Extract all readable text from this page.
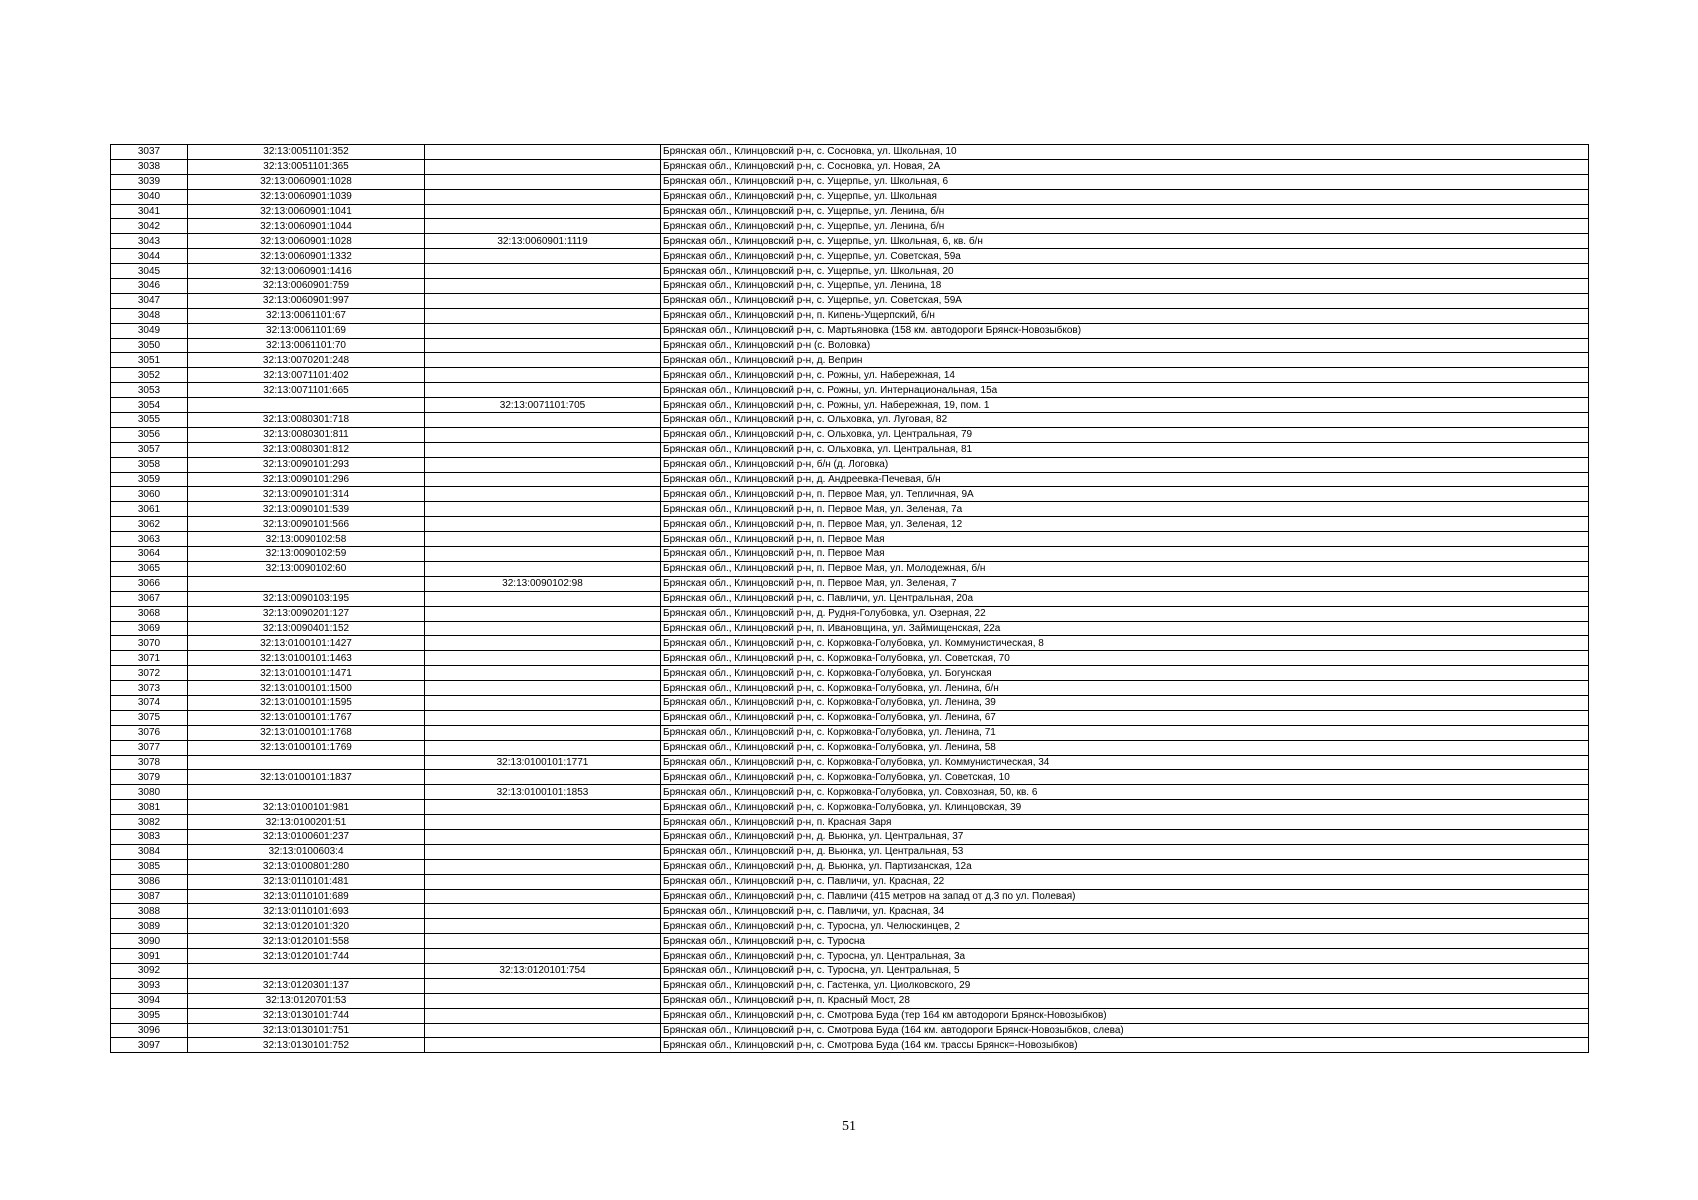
3037	32:13:0051101:352		Брянская обл., Клинцовский р-н, с. Сосновка, ул. Школьная, 10
3038	32:13:0051101:365		Брянская обл., Клинцовский р-н, с. Сосновка, ул. Новая, 2А
3039	32:13:0060901:1028		Брянская обл., Клинцовский р-н, с. Ущерпье, ул. Школьная, 6
3040	32:13:0060901:1039		Брянская обл., Клинцовский р-н, с. Ущерпье, ул. Школьная
3041	32:13:0060901:1041		Брянская обл., Клинцовский р-н, с. Ущерпье, ул. Ленина, б/н
3042	32:13:0060901:1044		Брянская обл., Клинцовский р-н, с. Ущерпье, ул. Ленина, б/н
3043	32:13:0060901:1028	32:13:0060901:1119	Брянская обл., Клинцовский р-н, с. Ущерпье, ул. Школьная, 6, кв. б/н
3044	32:13:0060901:1332		Брянская обл., Клинцовский р-н, с. Ущерпье, ул. Советская, 59а
3045	32:13:0060901:1416		Брянская обл., Клинцовский р-н, с. Ущерпье, ул. Школьная, 20
3046	32:13:0060901:759		Брянская обл., Клинцовский р-н, с. Ущерпье, ул. Ленина, 18
3047	32:13:0060901:997		Брянская обл., Клинцовский р-н, с. Ущерпье, ул. Советская, 59А
3048	32:13:0061101:67		Брянская обл., Клинцовский р-н, п. Кипень-Ущерпский, б/н
3049	32:13:0061101:69		Брянская обл., Клинцовский р-н, с. Мартьяновка (158 км. автодороги Брянск-Новозыбков)
3050	32:13:0061101:70		Брянская обл., Клинцовский р-н (с. Воловка)
3051	32:13:0070201:248		Брянская обл., Клинцовский р-н, д. Веприн
3052	32:13:0071101:402		Брянская обл., Клинцовский р-н, с. Рожны, ул. Набережная, 14
3053	32:13:0071101:665		Брянская обл., Клинцовский р-н, с. Рожны, ул. Интернациональная, 15а
3054		32:13:0071101:705	Брянская обл., Клинцовский р-н, с. Рожны, ул. Набережная, 19, пом. 1
3055	32:13:0080301:718		Брянская обл., Клинцовский р-н, с. Ольховка, ул. Луговая, 82
3056	32:13:0080301:811		Брянская обл., Клинцовский р-н, с. Ольховка, ул. Центральная, 79
3057	32:13:0080301:812		Брянская обл., Клинцовский р-н, с. Ольховка, ул. Центральная, 81
3058	32:13:0090101:293		Брянская обл., Клинцовский р-н, б/н (д. Логовка)
3059	32:13:0090101:296		Брянская обл., Клинцовский р-н, д. Андреевка-Печевая, б/н
3060	32:13:0090101:314		Брянская обл., Клинцовский р-н, п. Первое Мая, ул. Тепличная, 9А
3061	32:13:0090101:539		Брянская обл., Клинцовский р-н, п. Первое Мая, ул. Зеленая, 7а
3062	32:13:0090101:566		Брянская обл., Клинцовский р-н, п. Первое Мая, ул. Зеленая, 12
3063	32:13:0090102:58		Брянская обл., Клинцовский р-н, п. Первое Мая
3064	32:13:0090102:59		Брянская обл., Клинцовский р-н, п. Первое Мая
3065	32:13:0090102:60		Брянская обл., Клинцовский р-н, п. Первое Мая, ул. Молодежная, б/н
3066		32:13:0090102:98	Брянская обл., Клинцовский р-н, п. Первое Мая, ул. Зеленая, 7
3067	32:13:0090103:195		Брянская обл., Клинцовский р-н, с. Павличи, ул. Центральная, 20а
3068	32:13:0090201:127		Брянская обл., Клинцовский р-н, д. Рудня-Голубовка, ул. Озерная, 22
3069	32:13:0090401:152		Брянская обл., Клинцовский р-н, п. Ивановщина, ул. Займищенская, 22а
3070	32:13:0100101:1427		Брянская обл., Клинцовский р-н, с. Коржовка-Голубовка, ул. Коммунистическая, 8
3071	32:13:0100101:1463		Брянская обл., Клинцовский р-н, с. Коржовка-Голубовка, ул. Советская, 70
3072	32:13:0100101:1471		Брянская обл., Клинцовский р-н, с. Коржовка-Голубовка, ул. Богунская
3073	32:13:0100101:1500		Брянская обл., Клинцовский р-н, с. Коржовка-Голубовка, ул. Ленина, б/н
3074	32:13:0100101:1595		Брянская обл., Клинцовский р-н, с. Коржовка-Голубовка, ул. Ленина, 39
3075	32:13:0100101:1767		Брянская обл., Клинцовский р-н, с. Коржовка-Голубовка, ул. Ленина, 67
3076	32:13:0100101:1768		Брянская обл., Клинцовский р-н, с. Коржовка-Голубовка, ул. Ленина, 71
3077	32:13:0100101:1769		Брянская обл., Клинцовский р-н, с. Коржовка-Голубовка, ул. Ленина, 58
3078		32:13:0100101:1771	Брянская обл., Клинцовский р-н, с. Коржовка-Голубовка, ул. Коммунистическая, 34
3079	32:13:0100101:1837		Брянская обл., Клинцовский р-н, с. Коржовка-Голубовка, ул. Советская, 10
3080		32:13:0100101:1853	Брянская обл., Клинцовский р-н, с. Коржовка-Голубовка, ул. Совхозная, 50, кв. 6
3081	32:13:0100101:981		Брянская обл., Клинцовский р-н, с. Коржовка-Голубовка, ул. Клинцовская, 39
3082	32:13:0100201:51		Брянская обл., Клинцовский р-н, п. Красная Заря
3083	32:13:0100601:237		Брянская обл., Клинцовский р-н, д. Вьюнка, ул. Центральная, 37
3084	32:13:0100603:4		Брянская обл., Клинцовский р-н, д. Вьюнка, ул. Центральная, 53
3085	32:13:0100801:280		Брянская обл., Клинцовский р-н, д. Вьюнка, ул. Партизанская, 12а
3086	32:13:0110101:481		Брянская обл., Клинцовский р-н, с. Павличи, ул. Красная, 22
3087	32:13:0110101:689		Брянская обл., Клинцовский р-н, с. Павличи (415 метров на запад от д.3 по ул. Полевая)
3088	32:13:0110101:693		Брянская обл., Клинцовский р-н, с. Павличи, ул. Красная, 34
3089	32:13:0120101:320		Брянская обл., Клинцовский р-н, с. Туросна, ул. Челюскинцев, 2
3090	32:13:0120101:558		Брянская обл., Клинцовский р-н, с. Туросна
3091	32:13:0120101:744		Брянская обл., Клинцовский р-н, с. Туросна, ул. Центральная, 3а
3092		32:13:0120101:754	Брянская обл., Клинцовский р-н, с. Туросна, ул. Центральная, 5
3093	32:13:0120301:137		Брянская обл., Клинцовский р-н, с. Гастенка, ул. Циолковского, 29
3094	32:13:0120701:53		Брянская обл., Клинцовский р-н, п. Красный Мост, 28
3095	32:13:0130101:744		Брянская обл., Клинцовский р-н, с. Смотрова Буда (тер 164 км автодороги Брянск-Новозыбков)
3096	32:13:0130101:751		Брянская обл., Клинцовский р-н, с. Смотрова Буда (164 км. автодороги Брянск-Новозыбков, слева)
3097	32:13:0130101:752		Брянская обл., Клинцовский р-н, с. Смотрова Буда (164 км. трассы Брянск=-Новозыбков)
51
